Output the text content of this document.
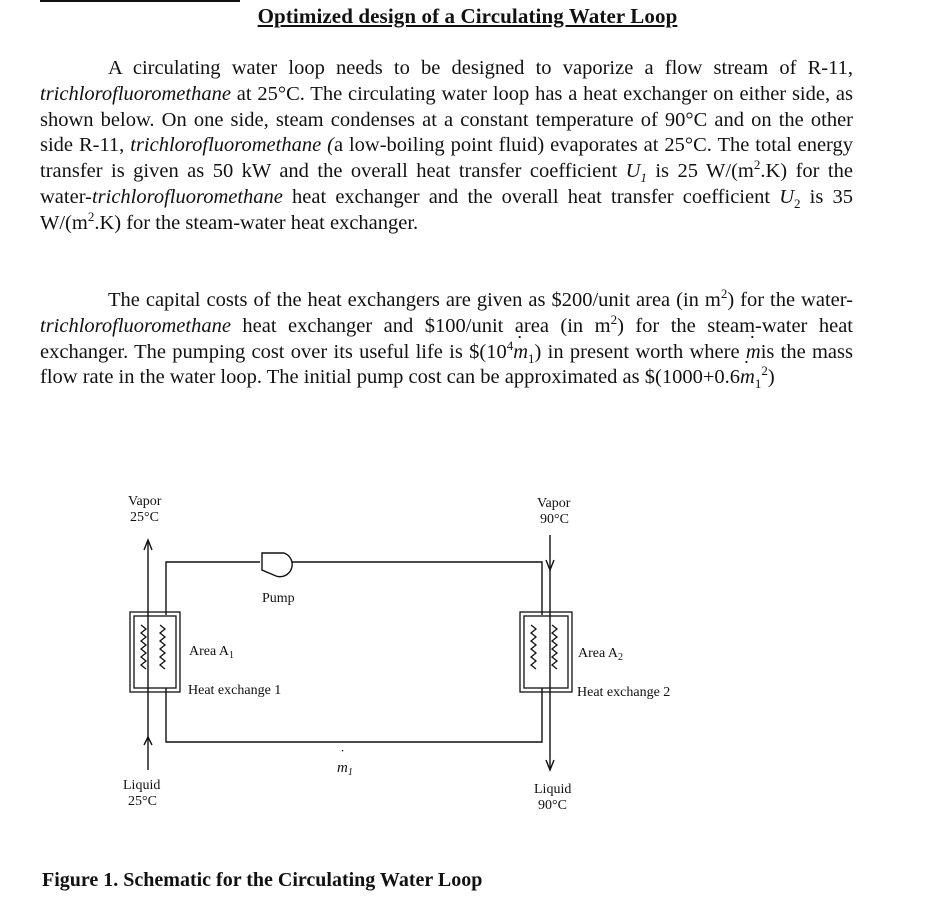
Optimized design of a Circulating Water Loop

A circulating water loop needs to be designed to vaporize a flow stream of R-11, trichlorofluoromethane at 25°C. The circulating water loop has a heat exchanger on either side, as shown below. On one side, steam condenses at a constant temperature of 90°C and on the other side R-11, trichlorofluoromethane (a low-boiling point fluid) evaporates at 25°C. The total energy transfer is given as 50 kW and the overall heat transfer coefficient $U_1$ is 25 $W/(m^2.K)$ for the water-trichlorofluoromethane heat exchanger and the overall heat transfer coefficient $U_2$ is 35 $W/(m^2.K)$ for the steam-water heat exchanger.

The capital costs of the heat exchangers are given as $200/unit area (in $m^2$) for the water- trichlorofluoromethane heat exchanger and $100/unit area (in $m^2$) for the steam-water heat exchanger. The pumping cost over its useful life is $\$(10^4˙$ $m_1$) in present worth where ˙ mis the mass flow rate in the water loop. The initial pump cost can be approximated as $(1000+0.6˙ $m_1^2$)

Vapor
25°C
Vapor
90°C
Pump
Area $A_1$
Heat exchange 1
Area $A_2$
Heat exchange 2
$m_1$
˙
Liquid
25°C
Liquid
90°C
Figure 1. Schematic for the Circulating Water Loop
